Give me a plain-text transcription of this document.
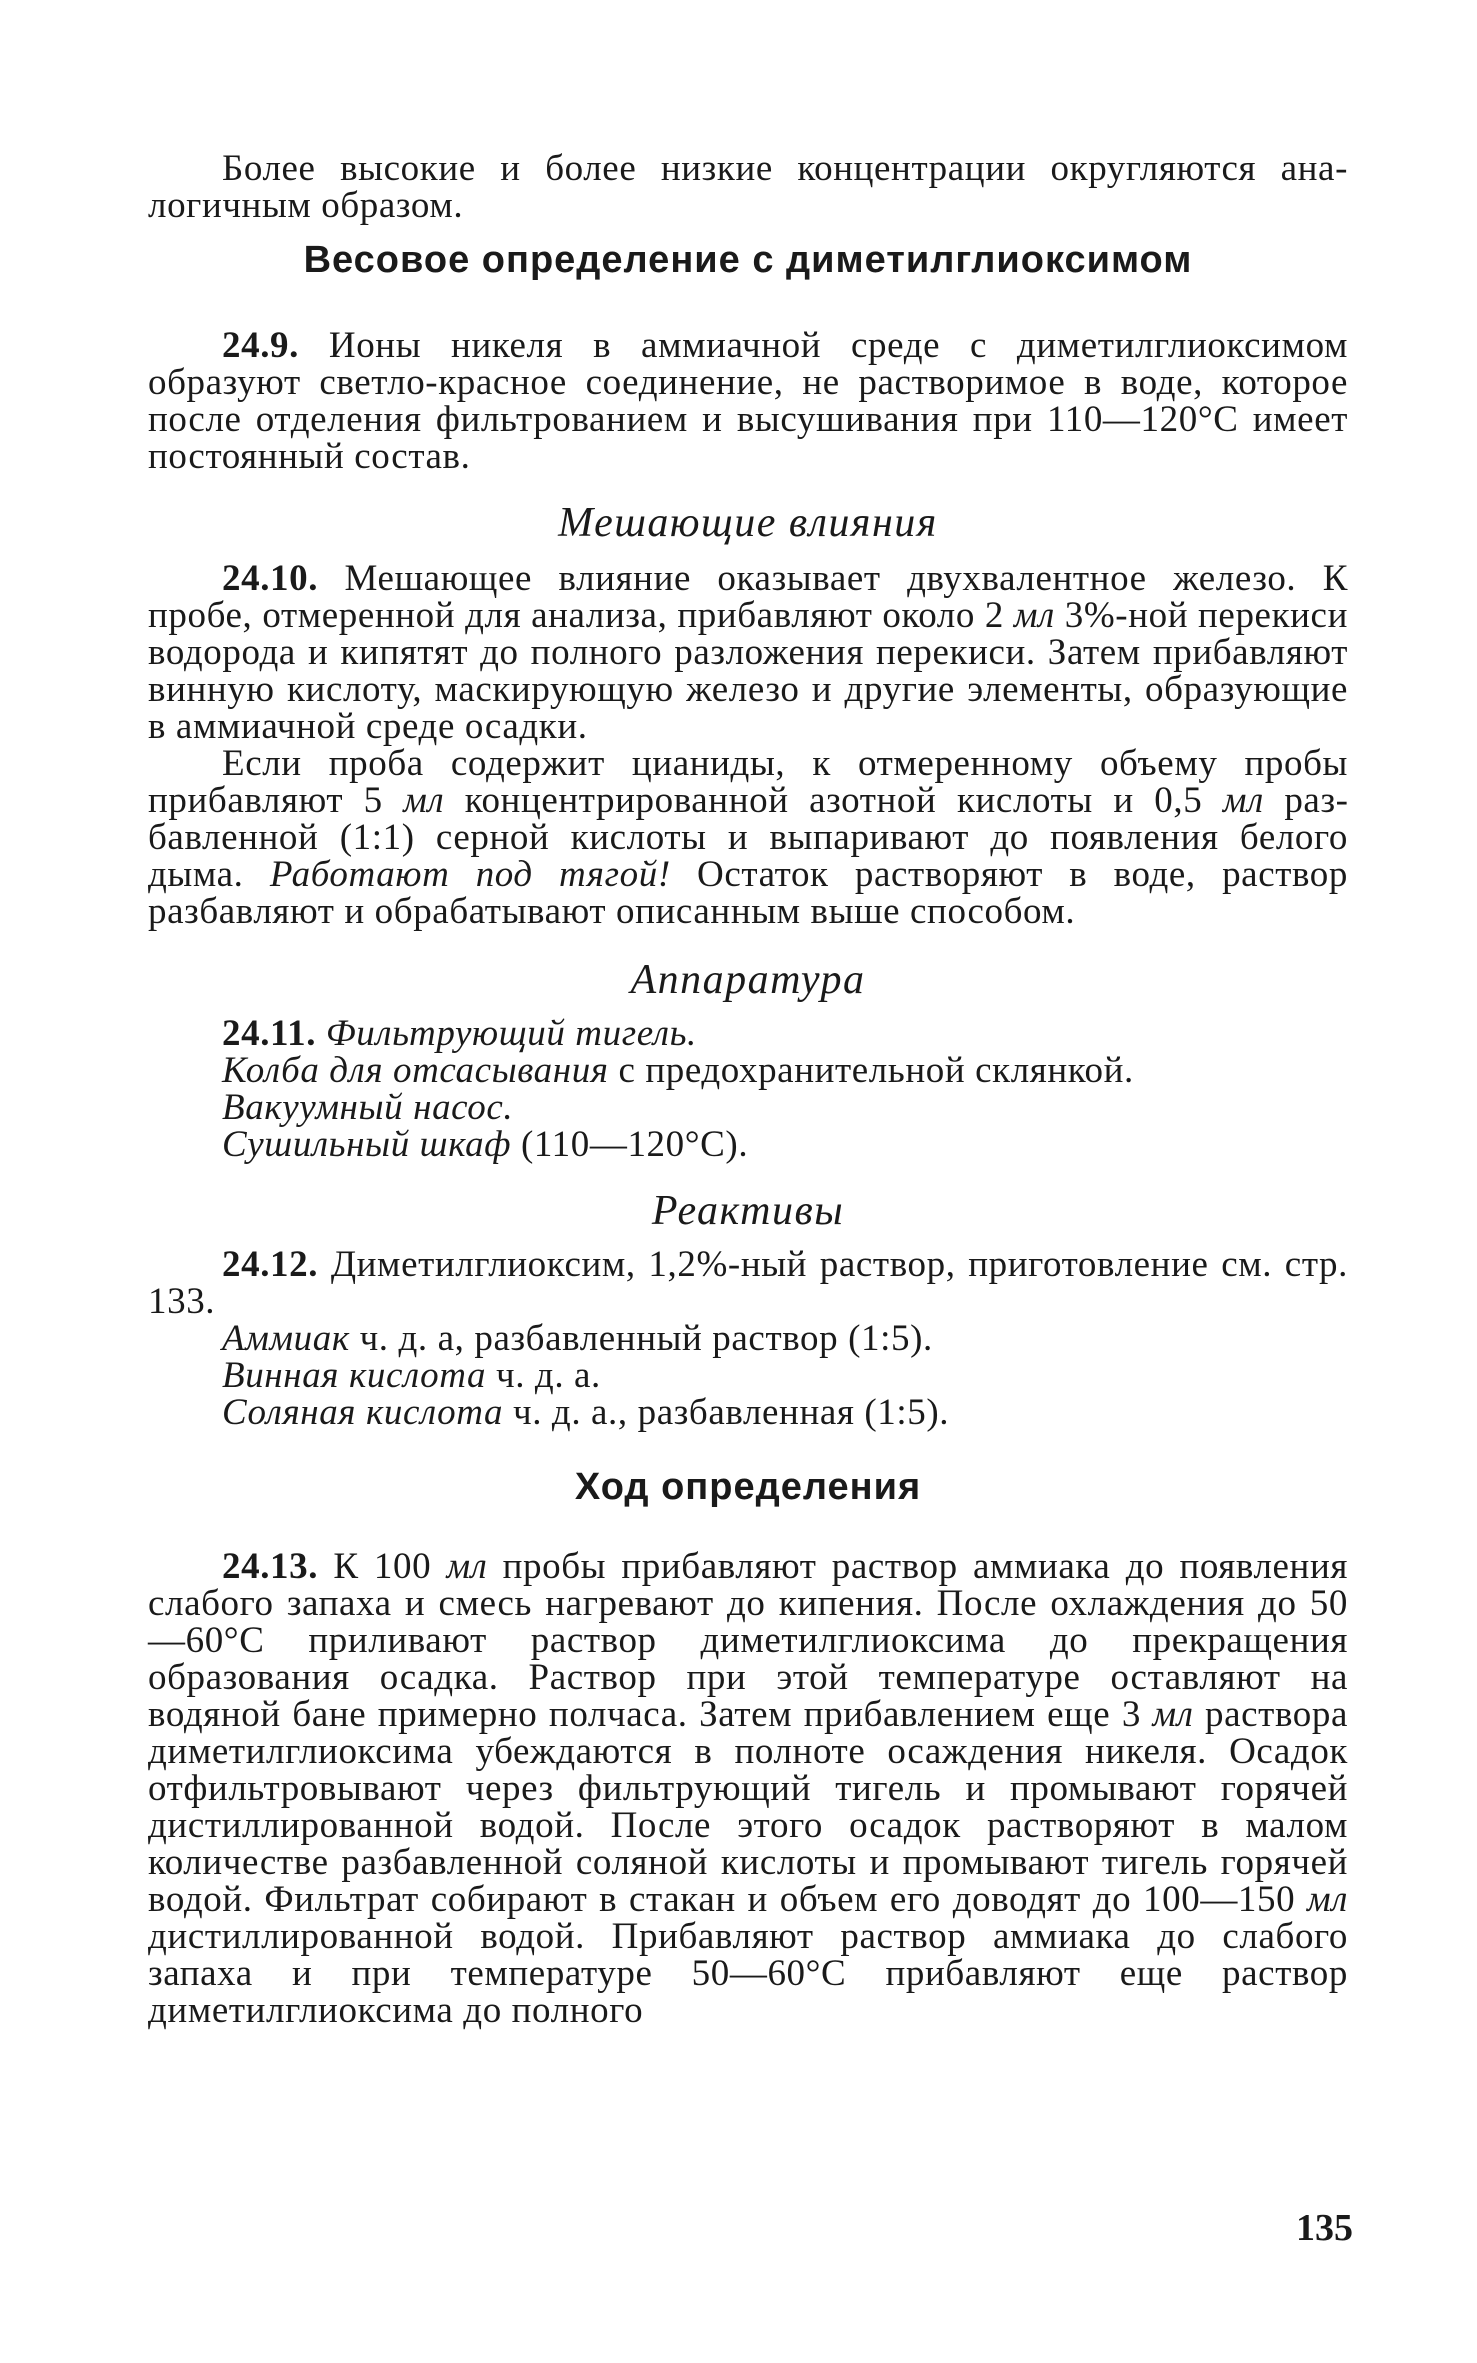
Более высокие и более низкие концентрации округляются ана-
логичным образом.

Весовое определение с диметилглиоксимом

24.9. Ионы никеля в аммиачной среде с диметилглиоксимом образуют светло-красное соединение, не растворимое в воде, которое после отделения фильтрованием и высушивания при 110—120°С имеет постоянный состав.

Мешающие влияния

24.10. Мешающее влияние оказывает двухвалентное железо. К пробе, отмеренной для анализа, прибавляют около 2 мл 3%-ной перекиси водорода и кипятят до полного разложения перекиси. Затем прибавляют винную кислоту, маскирующую железо и другие элементы, образующие в аммиачной среде осадки.

Если проба содержит цианиды, к отмеренному объему пробы прибавляют 5 мл концентрированной азотной кислоты и 0,5 мл разбавленной (1:1) серной кислоты и выпаривают до появления белого дыма. Работают под тягой! Остаток растворяют в воде, раствор разбавляют и обрабатывают описанным выше способом.

Аппаратура

24.11. Фильтрующий тигель.

Колба для отсасывания с предохранительной склянкой.

Вакуумный насос.

Сушильный шкаф (110—120°С).

Реактивы

24.12. Диметилглиоксим, 1,2%-ный раствор, приготовление см. стр. 133.

Аммиак ч. д. а, разбавленный раствор (1:5).

Винная кислота ч. д. а.

Соляная кислота ч. д. а., разбавленная (1:5).

Ход определения

24.13. К 100 мл пробы прибавляют раствор аммиака до появления слабого запаха и смесь нагревают до кипения. После охлаждения до 50—60°С приливают раствор диметилглиоксима до прекращения образования осадка. Раствор при этой температуре оставляют на водяной бане примерно полчаса. Затем прибавлением еще 3 мл раствора диметилглиоксима убеждаются в полноте осаждения никеля. Осадок отфильтровывают через фильтрующий тигель и промывают горячей дистиллированной водой. После этого осадок растворяют в малом количестве разбавленной соляной кислоты и промывают тигель горячей водой. Фильтрат собирают в стакан и объем его доводят до 100—150 мл дистиллированной водой. Прибавляют раствор аммиака до слабого запаха и при температуре 50—60°С прибавляют еще раствор диметилглиоксима до полного

135
